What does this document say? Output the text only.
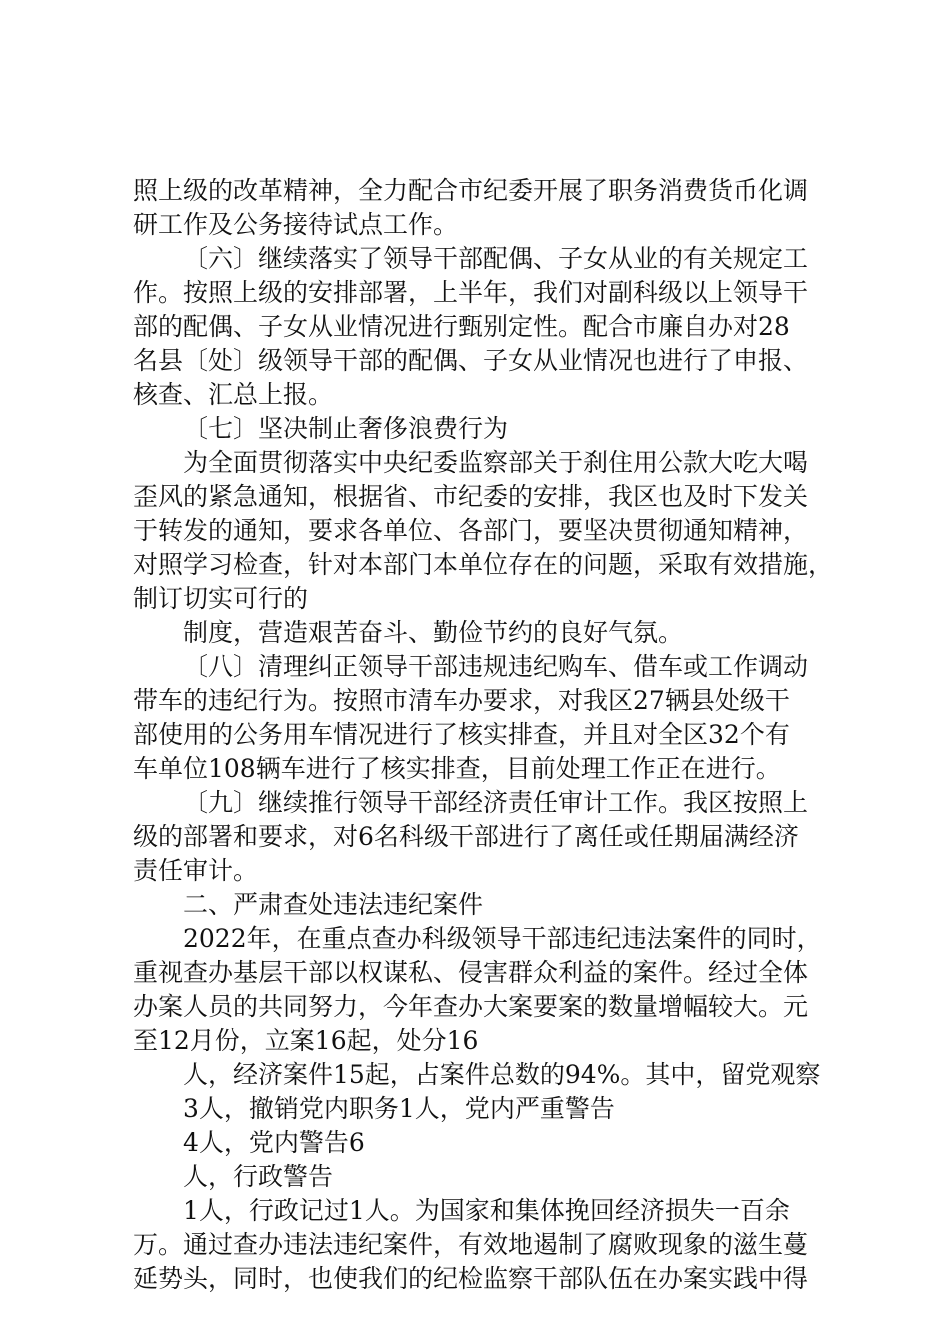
照上级的改革精神，全力配合市纪委开展了职务消费货币化调
研工作及公务接待试点工作。
〔六〕继续落实了领导干部配偶、子女从业的有关规定工
作。按照上级的安排部署，上半年，我们对副科级以上领导干
部的配偶、子女从业情况进行甄别定性。配合市廉自办对28
名县〔处〕级领导干部的配偶、子女从业情况也进行了申报、
核查、汇总上报。
〔七〕坚决制止奢侈浪费行为
为全面贯彻落实中央纪委监察部关于刹住用公款大吃大喝
歪风的紧急通知，根据省、市纪委的安排，我区也及时下发关
于转发的通知，要求各单位、各部门，要坚决贯彻通知精神，
对照学习检查，针对本部门本单位存在的问题，采取有效措施，
制订切实可行的
制度，营造艰苦奋斗、勤俭节约的良好气氛。
〔八〕清理纠正领导干部违规违纪购车、借车或工作调动
带车的违纪行为。按照市清车办要求，对我区27辆县处级干
部使用的公务用车情况进行了核实排查，并且对全区32个有
车单位108辆车进行了核实排查，目前处理工作正在进行。
〔九〕继续推行领导干部经济责任审计工作。我区按照上
级的部署和要求，对6名科级干部进行了离任或任期届满经济
责任审计。
二、严肃查处违法违纪案件
2022年，在重点查办科级领导干部违纪违法案件的同时，
重视查办基层干部以权谋私、侵害群众利益的案件。经过全体
办案人员的共同努力，今年查办大案要案的数量增幅较大。元
至12月份，立案16起，处分16
人，经济案件15起，占案件总数的94%。其中，留党观察
3人，撤销党内职务1人，党内严重警告
4人，党内警告6
人，行政警告
1人，行政记过1人。为国家和集体挽回经济损失一百余
万。通过查办违法违纪案件，有效地遏制了腐败现象的滋生蔓
延势头，同时，也使我们的纪检监察干部队伍在办案实践中得
